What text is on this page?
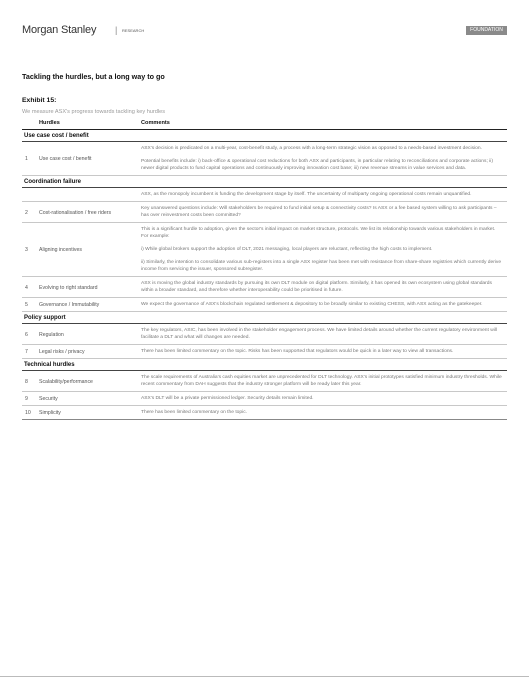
Morgan Stanley | RESEARCH	FOUNDATION
Tackling the hurdles, but a long way to go
Exhibit 15:
We measure ASX's progress towards tackling key hurdles
Hurdles	Comments
Use case cost / benefit

ASX's decision is predicated on a multi-year, cost-benefit study, a process with a long-term strategic vision as opposed to a needs-based investment decision.

Potential benefits include: i) back-office & operational cost reductions for both ASX and participants, in particular relating to reconciliations and corporate actions; ii) newer digital products to fund capital operations and continuously improving innovation cost base; iii) new revenue streams in value services and data.

1 Use case cost / benefit
Coordination failure

ASX, as the monopoly incumbent is funding the development stage by itself. The uncertainty of multiparty ongoing operational costs remain unquantified.

Key unanswered questions include: Will stakeholders be required to fund initial setup & connectivity costs? Is ASX or a fee based system willing to ask participants – has over reinvestment costs been committed?

2 Cost-rationalisation / free riders

This is a significant hurdle to adoption, given the sector's initial impact on market structure, protocols. We list its relationship towards various stakeholders in market. For example:

i) While global brokers support the adoption of DLT, 2021 messaging, local players are reluctant, reflecting the high costs to implement.

ii) Similarly, the intention to consolidate various sub-registers into a single ASX register has been met with resistance from share-share registries which currently derive income from servicing the issuer, sponsored subregister.

3 Aligning incentives

ASX is moving the global industry standards by pursuing its own DLT module on digital platform. Similarly, it has opened its own ecosystem using global standards within a broader standard, and therefore whether interoperability could be prioritised in future.

4 Evolving to right standard

We expect the governance of ASX's blockchain regulated settlement & depository to be broadly similar to existing CHESS, with ASX acting as the gatekeeper.

5 Governance / Immutability
Policy support

The key regulators, ASIC, has been involved in the stakeholder engagement process. We have limited details around whether the current regulatory environment will facilitate a DLT and what will changes are needed.

6 Regulation

There has been limited commentary on the topic. Risks has been supported that regulators would be quick in a later way to view all transactions.

7 Legal risks / privacy
Technical hurdles

The scale requirements of Australia's cash equities market are unprecedented for DLT technology. ASX's initial prototypes satisfied minimum industry thresholds. While recent commentary from DAH suggests that the industry stronger platform will be ready later this year.

8 Scalability/performance

ASX's DLT will be a private permissioned ledger. Security details remain limited.

9 Security

There has been limited commentary on the topic.

10 Simplicity
